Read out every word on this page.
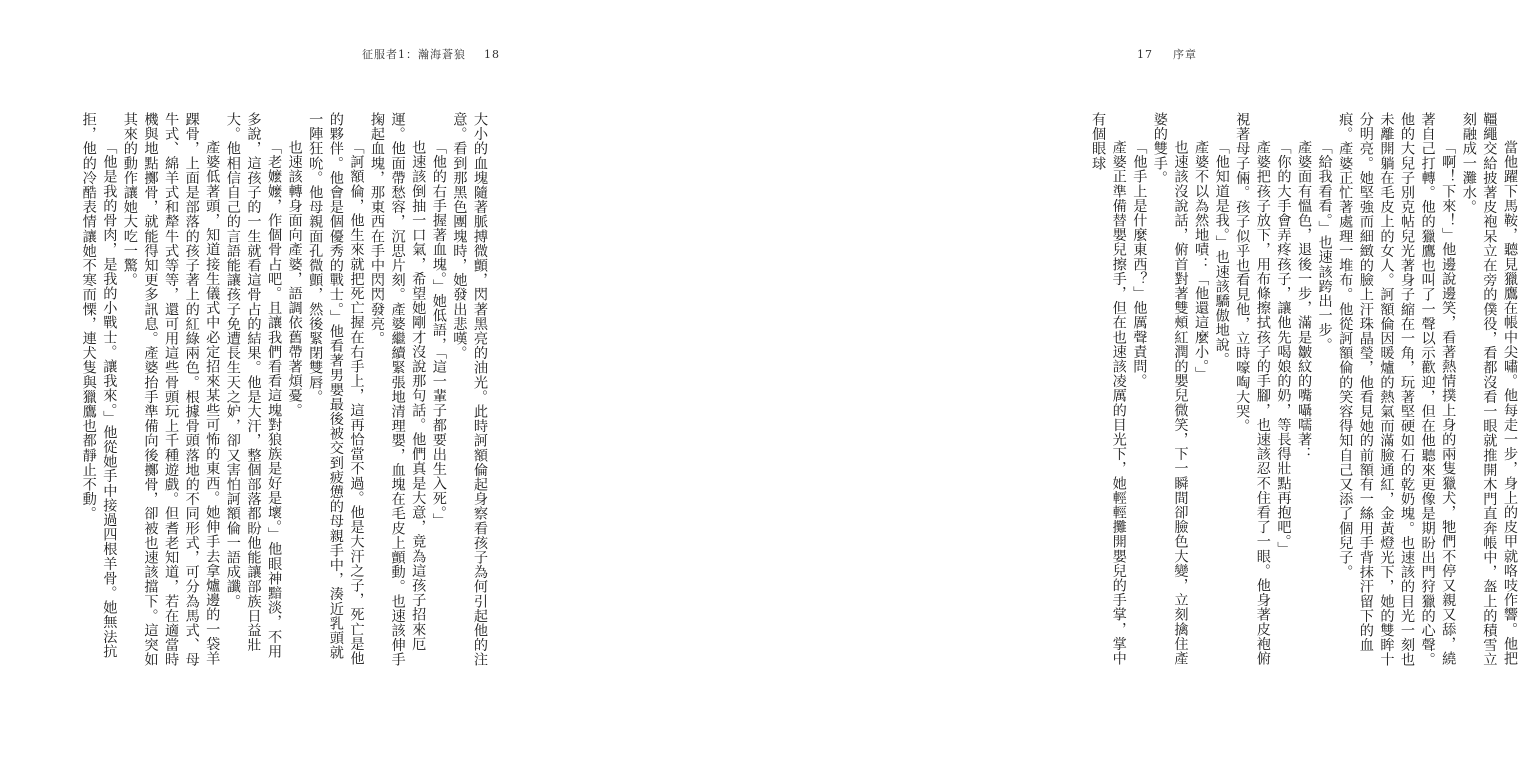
征服者1：瀚海蒼狼 18

大小的血塊隨著脈搏微顫，閃著黑亮的油光。此時訶額倫起身察看孩子為何引起他的注意。看到那黑色團塊時，她發出悲嘆。

「他的右手握著血塊。」她低語，「這一輩子都要出生入死。」

也速該倒抽一口氣，希望她剛才沒說那句話。他們真是大意，竟為這孩子招來厄運。他面帶愁容，沉思片刻。產婆繼續緊張地清理嬰，血塊在毛皮上顫動。也速該伸手掬起血塊，那東西在手中閃閃發亮。

「訶額倫，他生來就把死亡握在右手上，這再恰當不過。他是大汗之子，死亡是他的夥伴。他會是個優秀的戰士。」他看著男嬰最後被交到疲憊的母親手中，湊近乳頭就一陣狂吮。他母親面孔微顫，然後緊閉雙唇。

也速該轉身面向產婆，語調依舊帶著煩憂。

「老嬤嬤，作個骨占吧。且讓我們看看這塊對狼族是好是壞。」他眼神黯淡，不用多說，這孩子的一生就看這骨占的結果。他是大汗，整個部落都盼他能讓部族日益壯大。他相信自己的言語能讓孩子免遭長生天之妒，卻又害怕訶額倫一語成讖。

產婆低著頭，知道接生儀式中必定招來某些可怖的東西。她伸手去拿爐邊的一袋羊踝骨，上面是部落的孩子著上的紅綠兩色。根據骨頭落地的不同形式，可分為馬式、母牛式、綿羊式和犛牛式等等，還可用這些骨頭玩上千種遊戲。但耆老知道，若在適當時機與地點擲骨，就能得知更多訊息。產婆抬手準備向後擲骨，卻被也速該擋下。這突如其來的動作讓她大吃一驚。

「他是我的骨肉，是我的小戰士。讓我來。」他從她手中接過四根羊骨。她無法抗拒，他的冷酷表情讓她不寒而慄，連犬隻與獵鷹也都靜止不動。

17 序章

當他躍下馬鞍，聽見獵鷹在帳中尖嘯。他每走一步，身上的皮甲就咯吱作響。他把韁繩交給披著皮袍呆立在旁的僕役，看都沒看一眼就推開木門直奔帳中，盔上的積雪立刻融成一灘水。

「啊！下來！」他邊說邊笑，看著熱情撲上身的兩隻獵犬，牠們不停又親又舔，繞著自己打轉。他的獵鷹也叫了一聲以示歡迎，但在他聽來更像是期盼出門狩獵的心聲。他的大兒子別克帖兒光著身子縮在一角，玩著堅硬如石的乾奶塊。也速該的目光一刻也未離開躺在毛皮上的女人。訶額倫因暖爐的熱氣而滿臉通紅，金黃燈光下，她的雙眸十分明亮。她堅強而細緻的臉上汗珠晶瑩，他看見她的前額有一絲用手背抹汗留下的血痕。產婆正忙著處理一堆布。他從訶額倫的笑容得知自己又添了個兒子。

「給我看看。」也速該跨出一步。

產婆面有慍色，退後一步，滿是皺紋的嘴囁嚅著：

「你的大手會弄疼孩子，讓他先喝娘的奶，等長得壯點再抱吧。」

產婆把孩子放下，用布條擦拭孩子的手腳，也速該忍不住看了一眼。他身著皮袍俯視著母子倆。孩子似乎也看見他，立時嚎啕大哭。

「他知道是我。」也速該驕傲地說。

產婆不以為然地嘖：「他還這麼小。」

也速該沒說話，俯首對著雙頰紅潤的嬰兒微笑，下一瞬間卻臉色大變，立刻擒住產婆的雙手。

「他手上是什麼東西？」他厲聲責問。

產婆正準備替嬰兒擦手，但在也速該凌厲的目光下，她輕輕攤開嬰兒的手掌，掌中有個眼球
